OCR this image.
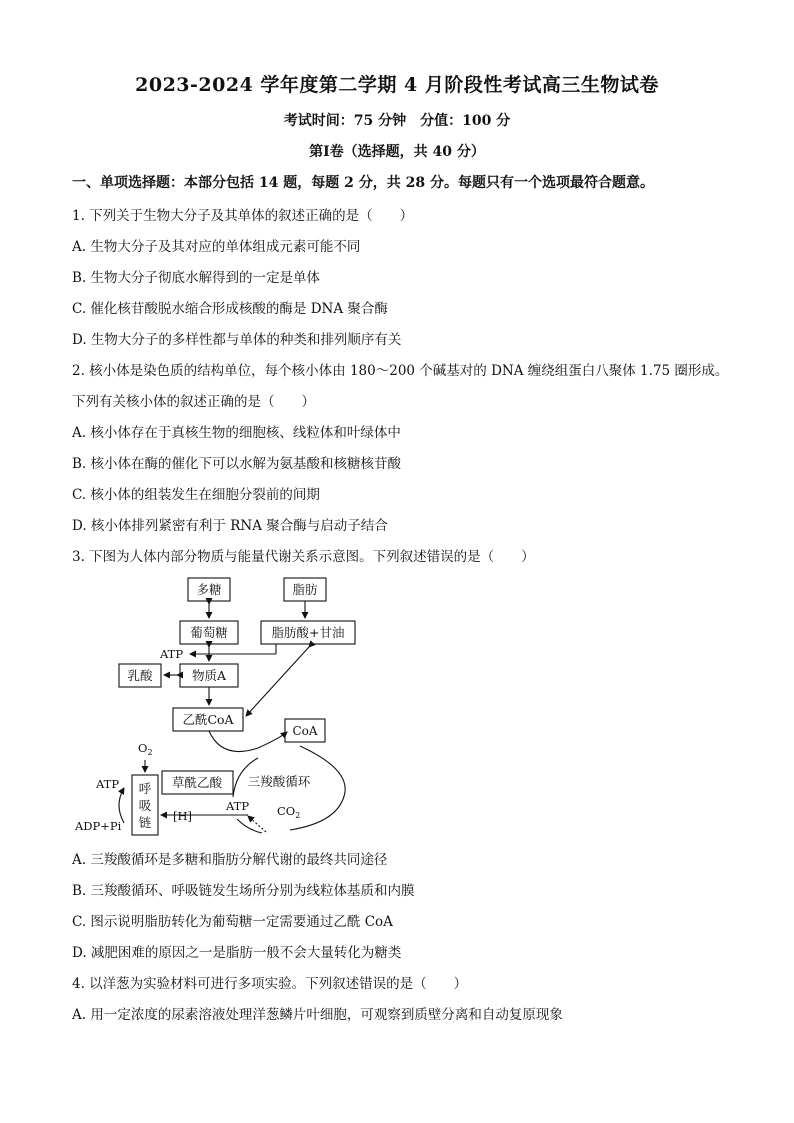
2023-2024 学年度第二学期 4 月阶段性考试高三生物试卷
考试时间：75 分钟　分值：100 分
第Ⅰ卷（选择题，共 40 分）
一、单项选择题：本部分包括 14 题，每题 2 分，共 28 分。每题只有一个选项最符合题意。
1. 下列关于生物大分子及其单体的叙述正确的是（　　）
A. 生物大分子及其对应的单体组成元素可能不同
B. 生物大分子彻底水解得到的一定是单体
C. 催化核苷酸脱水缩合形成核酸的酶是 DNA 聚合酶
D. 生物大分子的多样性都与单体的种类和排列顺序有关
2. 核小体是染色质的结构单位，每个核小体由 180～200 个碱基对的 DNA 缠绕组蛋白八聚体 1.75 圈形成。
下列有关核小体的叙述正确的是（　　）
A. 核小体存在于真核生物的细胞核、线粒体和叶绿体中
B. 核小体在酶的催化下可以水解为氨基酸和核糖核苷酸
C. 核小体的组装发生在细胞分裂前的间期
D. 核小体排列紧密有利于 RNA 聚合酶与启动子结合
3. 下图为人体内部分物质与能量代谢关系示意图。下列叙述错误的是（　　）
多糖	脂肪
葡萄糖	脂肪酸+甘油
ATP
乳酸	物质A
乙酰CoA
CoA
$O_2$
ATP 呼
吸
链
ADP+Pi
草酰乙酸 三羧酸循环
[H]
ATP $CO_2$
A. 三羧酸循环是多糖和脂肪分解代谢的最终共同途径
B. 三羧酸循环、呼吸链发生场所分别为线粒体基质和内膜
C. 图示说明脂肪转化为葡萄糖一定需要通过乙酰 CoA
D. 减肥困难的原因之一是脂肪一般不会大量转化为糖类
4. 以洋葱为实验材料可进行多项实验。下列叙述错误的是（　　）
A. 用一定浓度的尿素溶液处理洋葱鳞片叶细胞，可观察到质壁分离和自动复原现象
